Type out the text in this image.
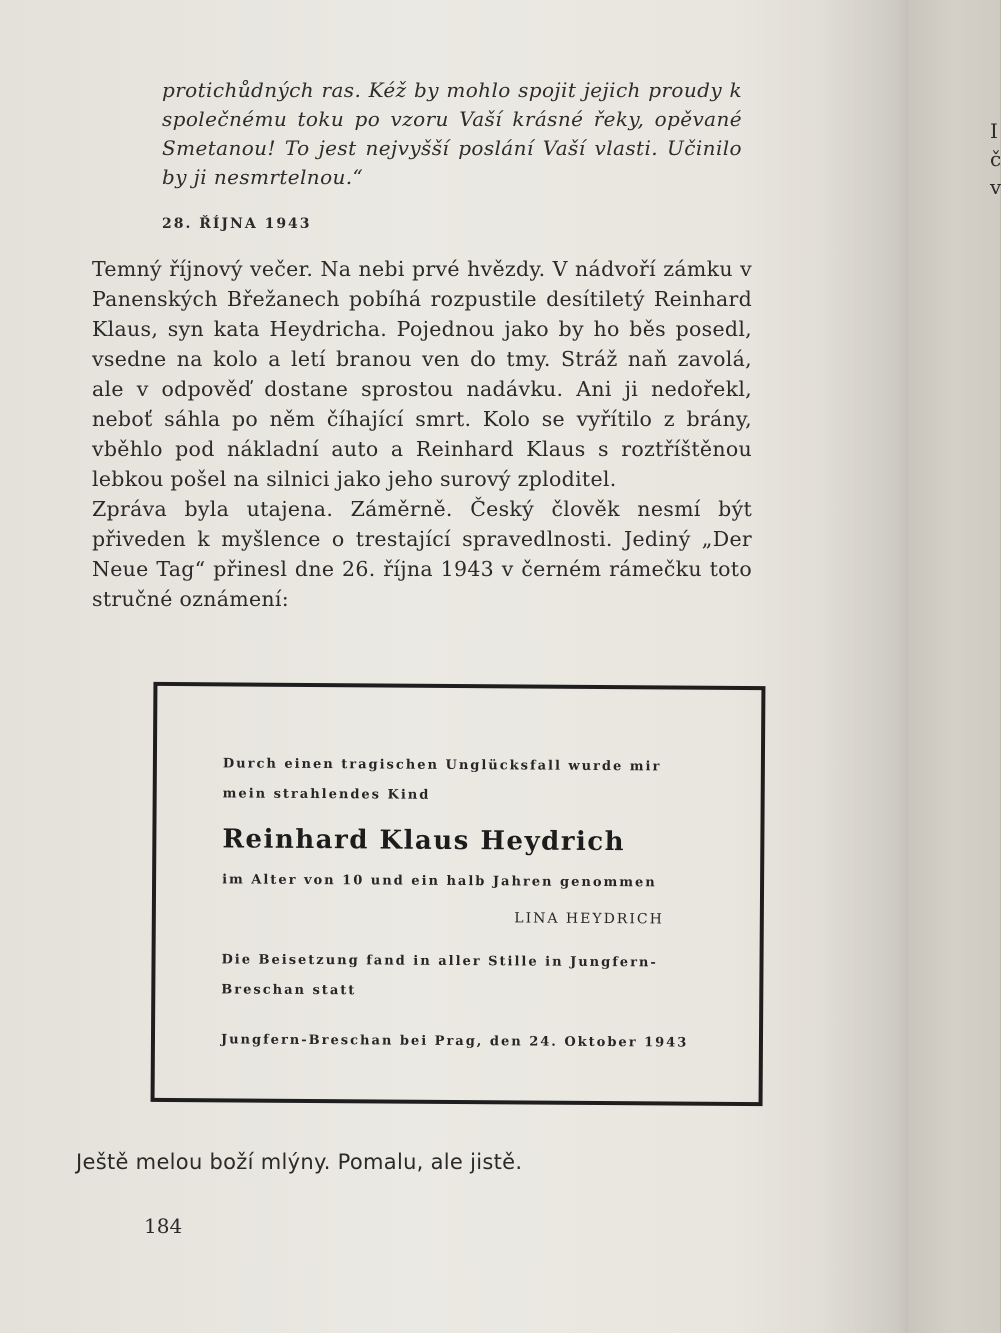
I
č
v
protichůdných ras. Kéž by mohlo spojit jejich proudy k společnému toku po vzoru Vaší krásné řeky, opěvané Smetanou! To jest nejvyšší poslání Vaší vlasti. Učinilo by ji nesmrtelnou.“
28. ŘÍJNA 1943

Temný říjnový večer. Na nebi prvé hvězdy. V nádvoří zámku v Panenských Břežanech pobíhá rozpustile desítiletý Reinhard Klaus, syn kata Heydricha. Pojednou jako by ho běs posedl, vsedne na kolo a letí branou ven do tmy. Stráž naň zavolá, ale v odpověď dostane sprostou nadávku. Ani ji nedořekl, neboť sáhla po něm číhající smrt. Kolo se vyřítilo z brány, vběhlo pod nákladní auto a Reinhard Klaus s roztříštěnou lebkou pošel na silnici jako jeho surový zploditel.

Zpráva byla utajena. Záměrně. Český člověk nesmí být přiveden k myšlence o trestající spravedlnosti. Jediný „Der Neue Tag“ přinesl dne 26. října 1943 v černém rámečku toto stručné oznámení:

Durch einen tragischen Unglücksfall wurde mir
mein strahlendes Kind
Reinhard Klaus Heydrich
im Alter von 10 und ein halb Jahren genommen
LINA HEYDRICH
Die Beisetzung fand in aller Stille in Jungfern-
Breschan statt
Jungfern-Breschan bei Prag, den 24. Oktober 1943
Ještě melou boží mlýny. Pomalu, ale jistě.
184
